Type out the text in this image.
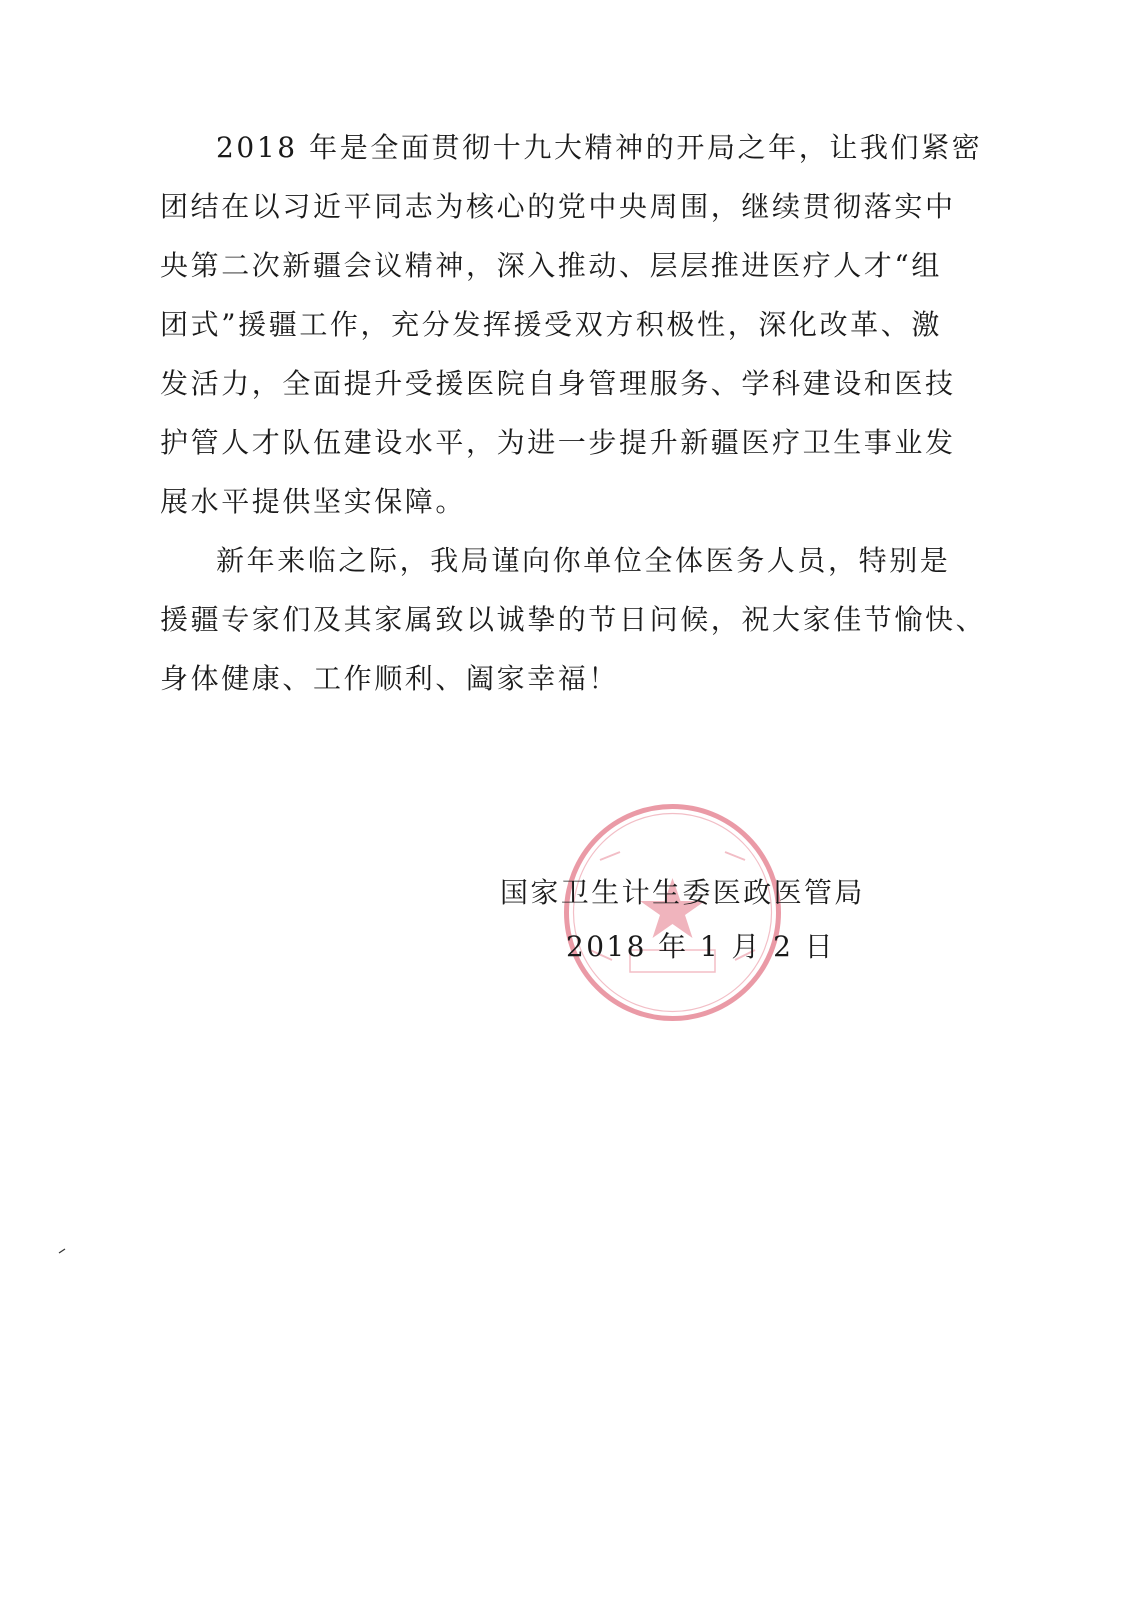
2018 年是全面贯彻十九大精神的开局之年，让我们紧密
团结在以习近平同志为核心的党中央周围，继续贯彻落实中
央第二次新疆会议精神，深入推动、层层推进医疗人才“组
团式”援疆工作，充分发挥援受双方积极性，深化改革、激
发活力，全面提升受援医院自身管理服务、学科建设和医技
护管人才队伍建设水平，为进一步提升新疆医疗卫生事业发
展水平提供坚实保障。
新年来临之际，我局谨向你单位全体医务人员，特别是
援疆专家们及其家属致以诚挚的节日问候，祝大家佳节愉快、
身体健康、工作顺利、阖家幸福！
国家卫生计生委医政医管局
2018 年 1 月 2 日
